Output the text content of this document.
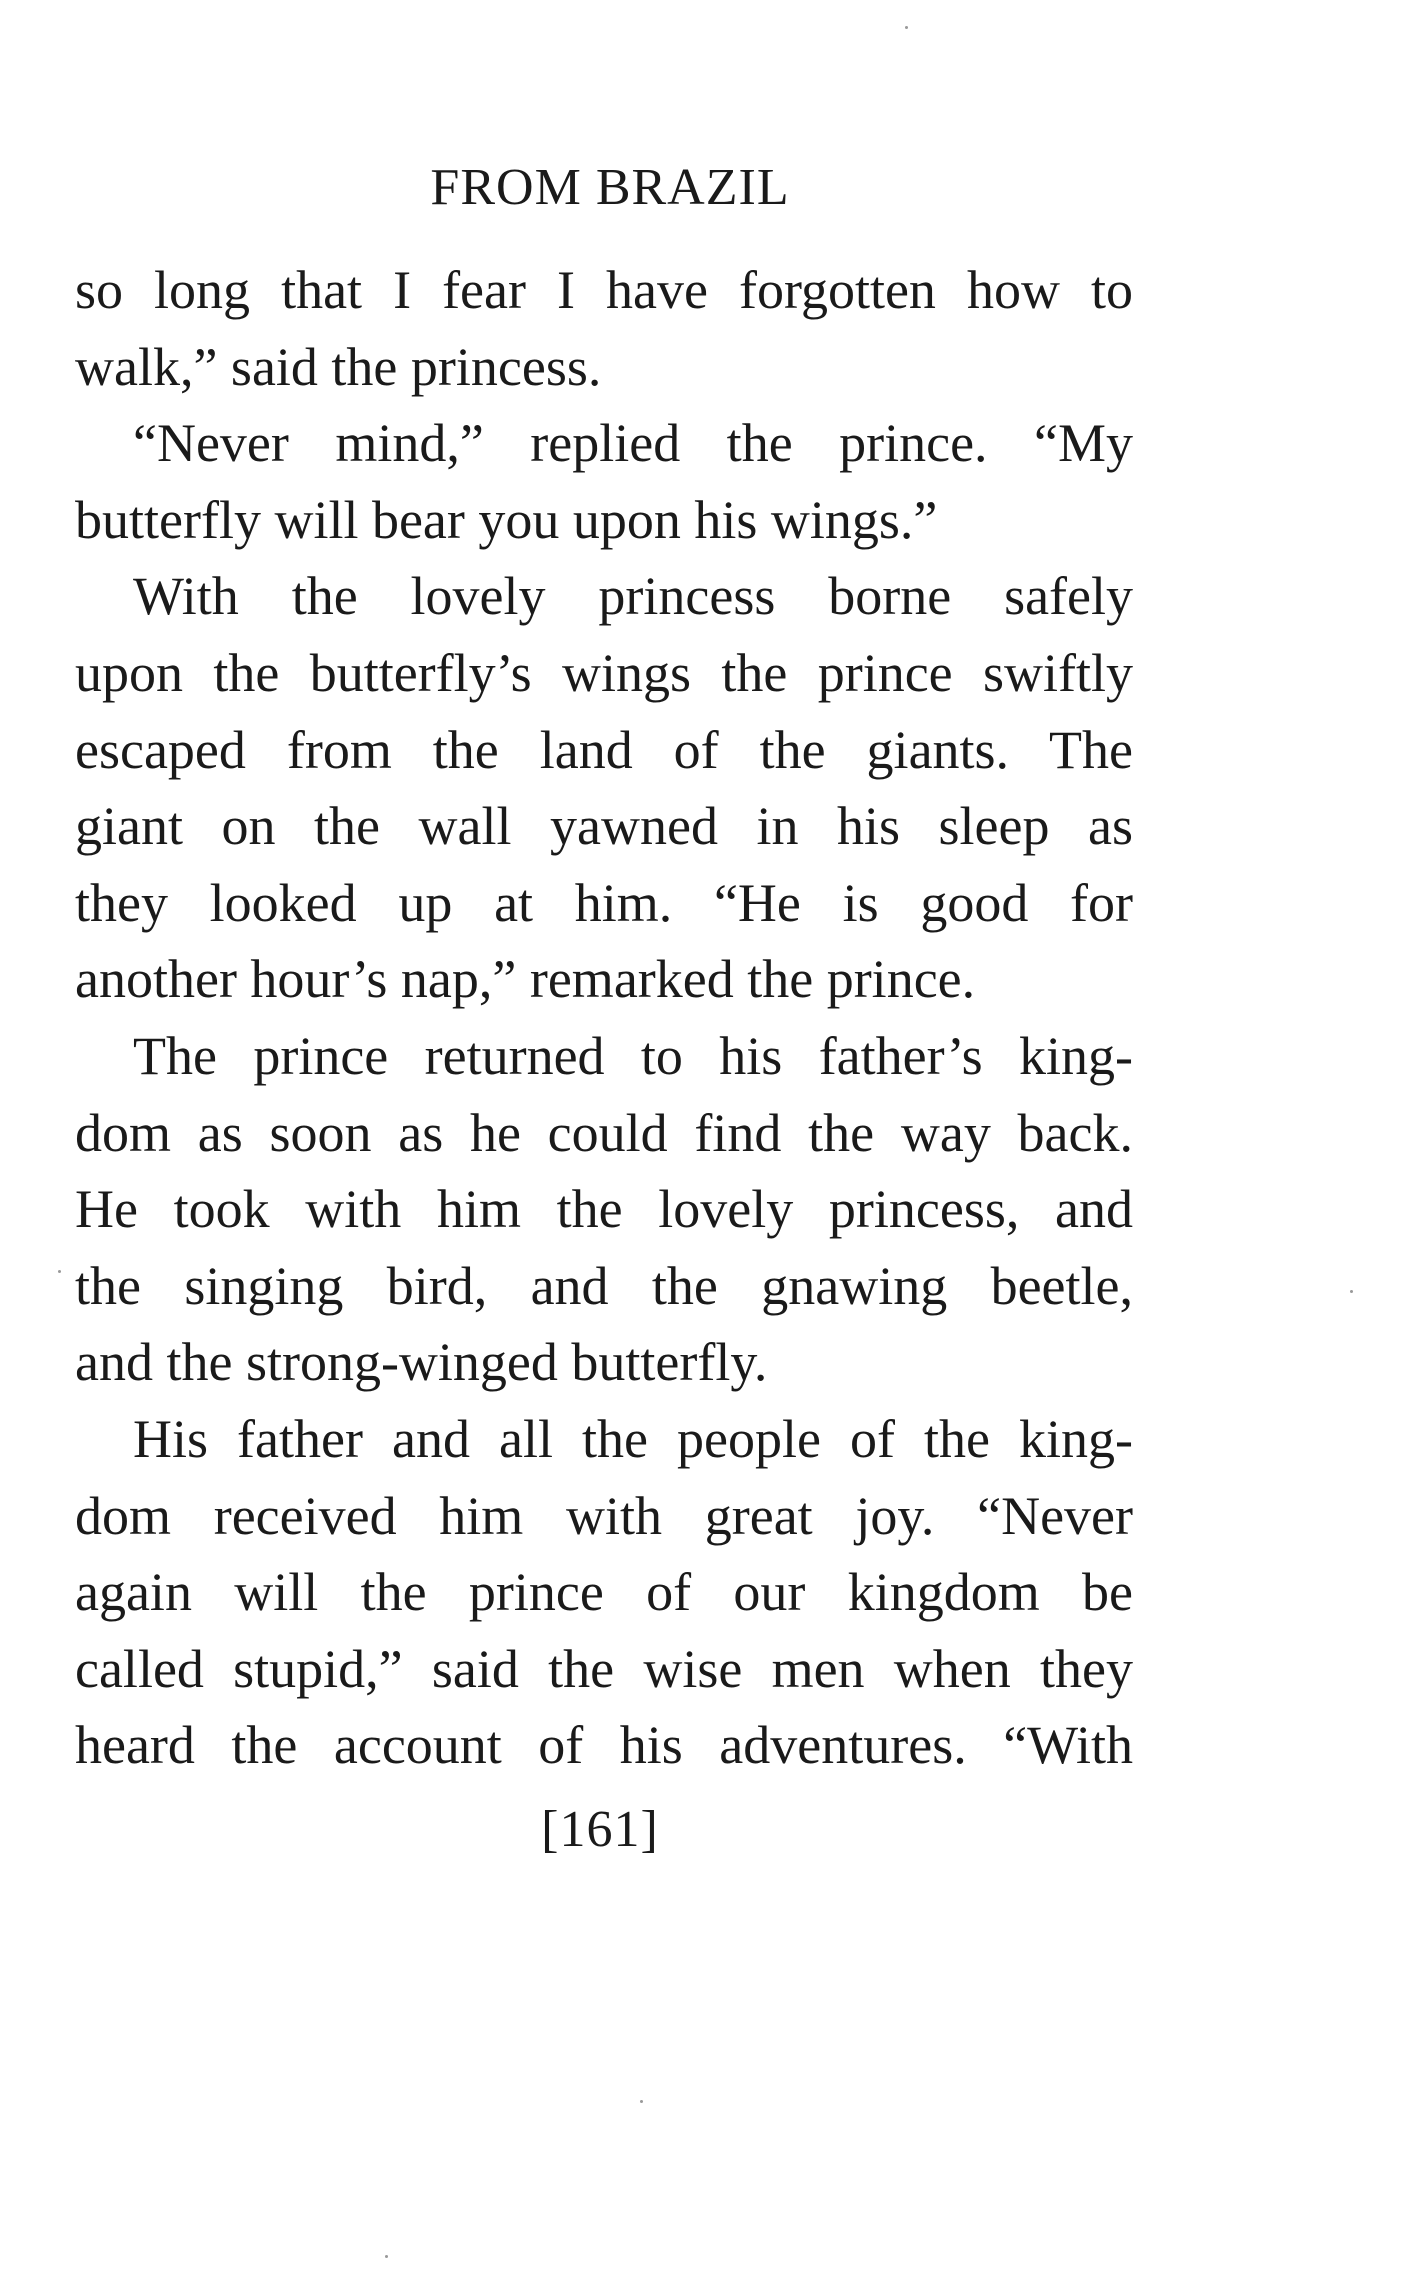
FROM BRAZIL
so long that I fear I have forgotten how to
walk,” said the princess.
“Never mind,” replied the prince. “My
butterfly will bear you upon his wings.”
With the lovely princess borne safely
upon the butterfly’s wings the prince swiftly
escaped from the land of the giants. The
giant on the wall yawned in his sleep as
they looked up at him. “He is good for
another hour’s nap,” remarked the prince.
The prince returned to his father’s king-
dom as soon as he could find the way back.
He took with him the lovely princess, and
the singing bird, and the gnawing beetle,
and the strong-winged butterfly.
His father and all the people of the king-
dom received him with great joy. “Never
again will the prince of our kingdom be
called stupid,” said the wise men when they
heard the account of his adventures. “With
[161]
